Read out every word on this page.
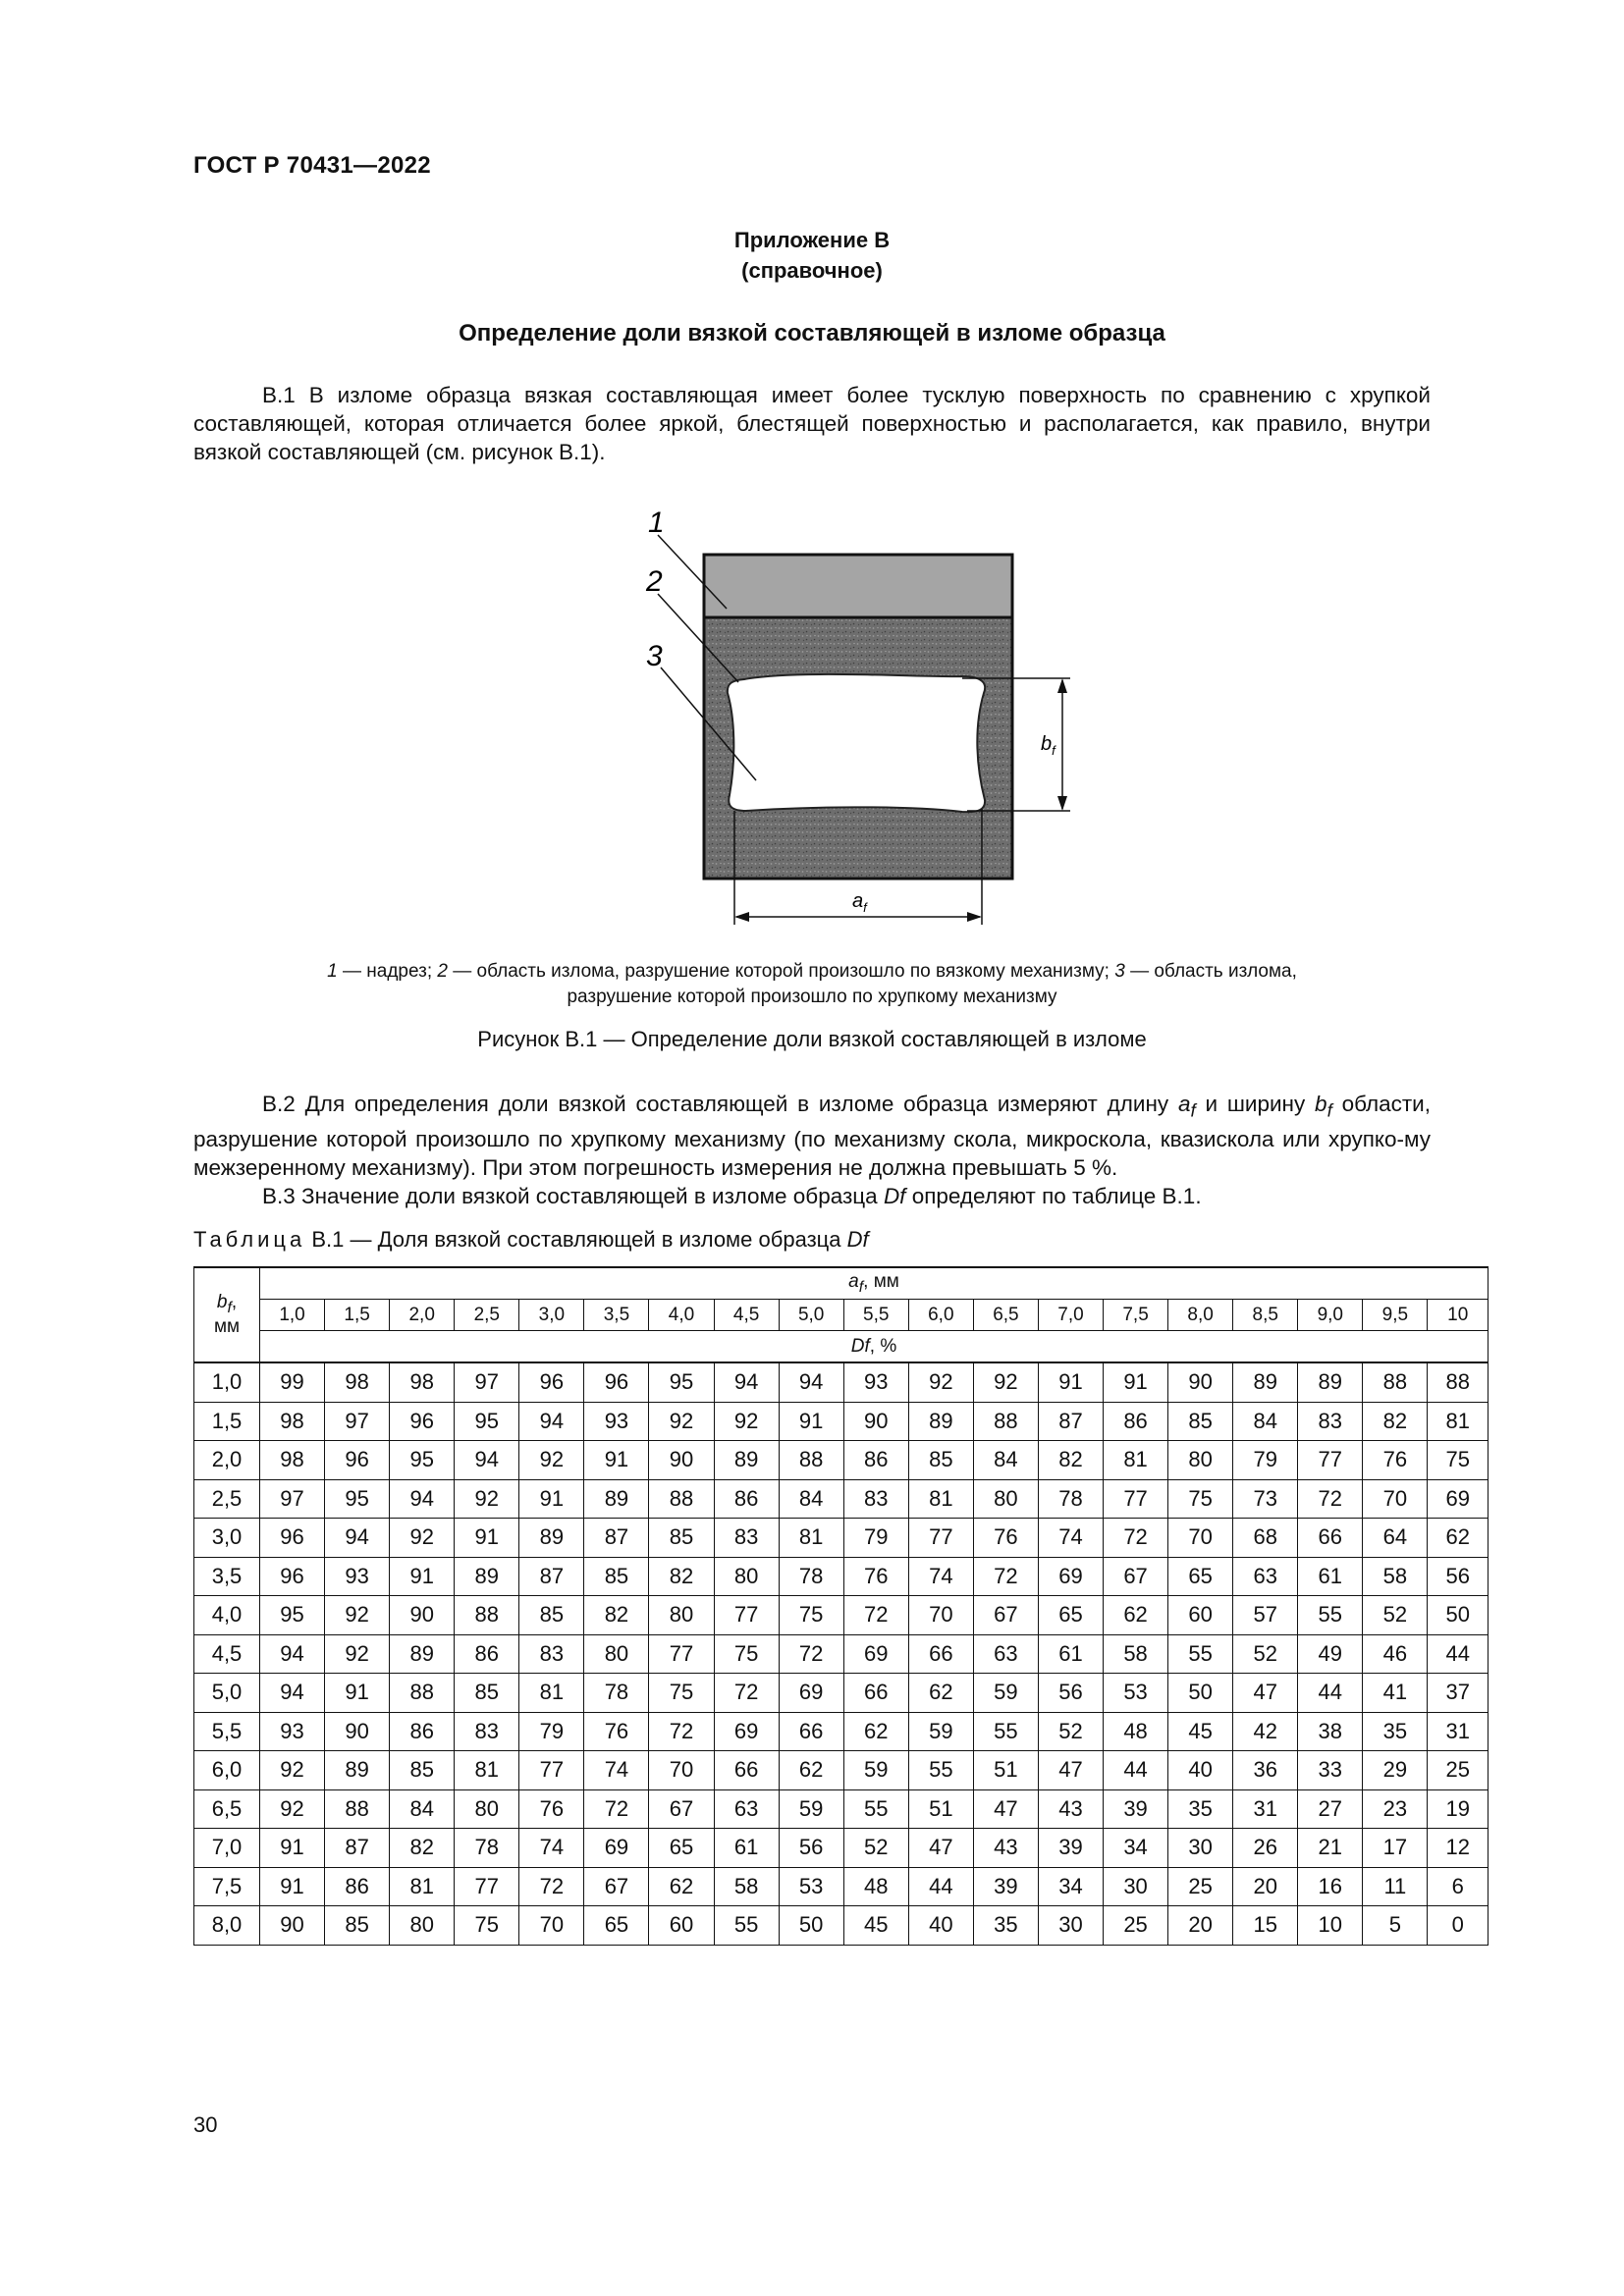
ГОСТ Р 70431—2022
Приложение В
(справочное)
Определение доли вязкой составляющей в изломе образца

В.1 В изломе образца вязкая составляющая имеет более тусклую поверхность по сравнению с хрупкой составляющей, которая отличается более яркой, блестящей поверхностью и располагается, как правило, внутри вязкой составляющей (см. рисунок В.1).

1
2
3
$b_f$
$a_f$
1 — надрез; 2 — область излома, разрушение которой произошло по вязкому механизму; 3 — область излома,
разрушение которой произошло по хрупкому механизму
Рисунок В.1 — Определение доли вязкой составляющей в изломе

В.2 Для определения доли вязкой составляющей в изломе образца измеряют длину $a_f$ и ширину $b_f$ области, разрушение которой произошло по хрупкому механизму (по механизму скола, микроскола, квазискола или хрупко-му межзеренному механизму). При этом погрешность измерения не должна превышать 5 %.

В.3 Значение доли вязкой составляющей в изломе образца Df определяют по таблице В.1.

Таблица В.1 — Доля вязкой составляющей в изломе образца Df
$b_f$,
мм	$a_f$, мм																		
	1,0	1,5	2,0	2,5	3,0	3,5	4,0	4,5	5,0	5,5	6,0	6,5	7,0	7,5	8,0	8,5	9,0	9,5	10
	Df, %																		
1,0	99	98	98	97	96	96	95	94	94	93	92	92	91	91	90	89	89	88	88
1,5	98	97	96	95	94	93	92	92	91	90	89	88	87	86	85	84	83	82	81
2,0	98	96	95	94	92	91	90	89	88	86	85	84	82	81	80	79	77	76	75
2,5	97	95	94	92	91	89	88	86	84	83	81	80	78	77	75	73	72	70	69
3,0	96	94	92	91	89	87	85	83	81	79	77	76	74	72	70	68	66	64	62
3,5	96	93	91	89	87	85	82	80	78	76	74	72	69	67	65	63	61	58	56
4,0	95	92	90	88	85	82	80	77	75	72	70	67	65	62	60	57	55	52	50
4,5	94	92	89	86	83	80	77	75	72	69	66	63	61	58	55	52	49	46	44
5,0	94	91	88	85	81	78	75	72	69	66	62	59	56	53	50	47	44	41	37
5,5	93	90	86	83	79	76	72	69	66	62	59	55	52	48	45	42	38	35	31
6,0	92	89	85	81	77	74	70	66	62	59	55	51	47	44	40	36	33	29	25
6,5	92	88	84	80	76	72	67	63	59	55	51	47	43	39	35	31	27	23	19
7,0	91	87	82	78	74	69	65	61	56	52	47	43	39	34	30	26	21	17	12
7,5	91	86	81	77	72	67	62	58	53	48	44	39	34	30	25	20	16	11	6
8,0	90	85	80	75	70	65	60	55	50	45	40	35	30	25	20	15	10	5	0
30
